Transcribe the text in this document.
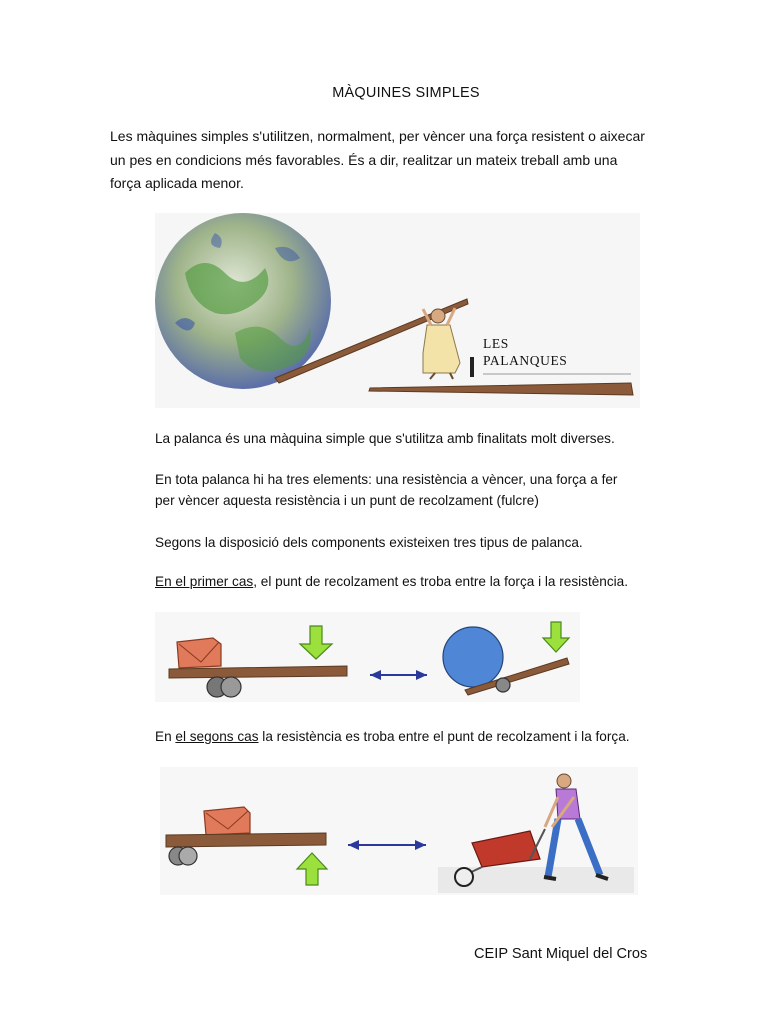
MÀQUINES SIMPLES
Les màquines simples s'utilitzen, normalment, per vèncer una força resistent o aixecar
un pes en condicions més favorables. És a dir, realitzar un mateix treball amb una
força aplicada menor.
LES
PALANQUES
La palanca és una màquina simple que s'utilitza amb finalitats molt diverses.
En tota palanca hi ha tres elements: una resistència a vèncer, una força a fer
per vèncer aquesta resistència i un punt de recolzament (fulcre)
Segons la disposició dels components existeixen tres tipus de palanca.
En el primer cas, el punt de recolzament es troba entre la força i la resistència.
En el segons cas la resistència es troba entre el punt de recolzament i la força.
CEIP Sant Miquel del Cros
